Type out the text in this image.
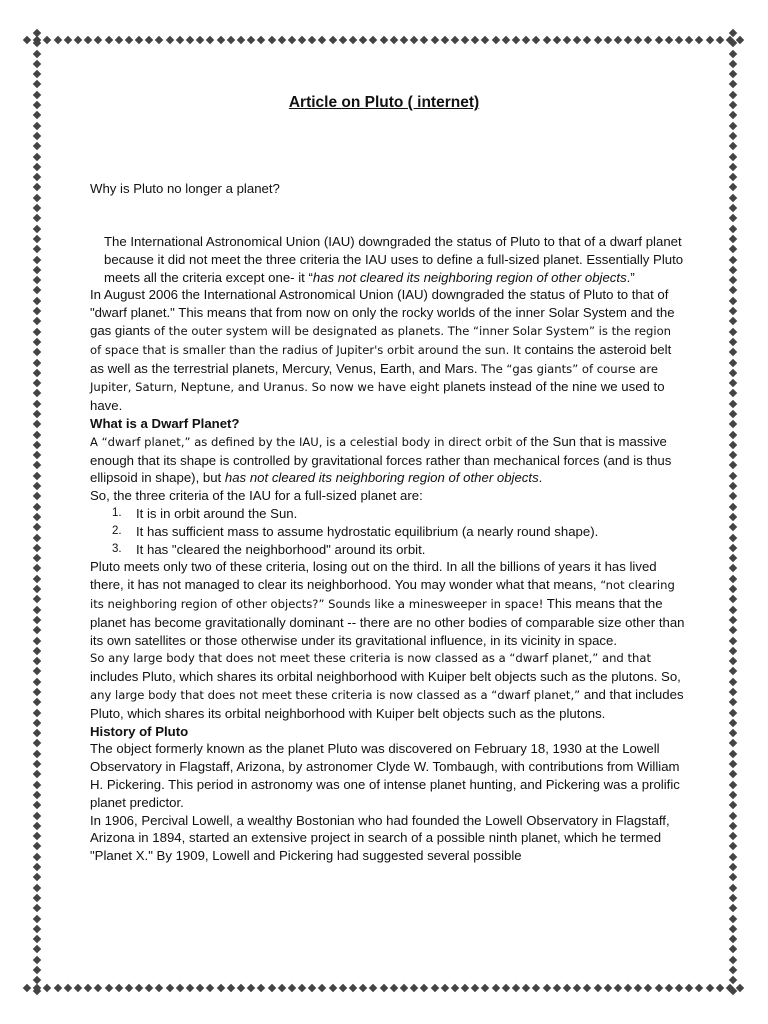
Article on Pluto ( internet)
Why is Pluto no longer a planet?

The International Astronomical Union (IAU) downgraded the status of Pluto to that of a dwarf planet because it did not meet the three criteria the IAU uses to define a full-sized planet. Essentially Pluto meets all the criteria except one- it “has not cleared its neighboring region of other objects.”

In August 2006 the International Astronomical Union (IAU) downgraded the status of Pluto to that of "dwarf planet." This means that from now on only the rocky worlds of the inner Solar System and the gas giants of the outer system will be designated as planets. The “inner Solar System” is the region of space that is smaller than the radius of Jupiter's orbit around the sun. It contains the asteroid belt as well as the terrestrial planets, Mercury, Venus, Earth, and Mars. The “gas giants” of course are Jupiter, Saturn, Neptune, and Uranus. So now we have eight planets instead of the nine we used to have.

What is a Dwarf Planet?

A “dwarf planet,” as defined by the IAU, is a celestial body in direct orbit of the Sun that is massive enough that its shape is controlled by gravitational forces rather than mechanical forces (and is thus ellipsoid in shape), but has not cleared its neighboring region of other objects.

So, the three criteria of the IAU for a full-sized planet are:

1. It is in orbit around the Sun.
2. It has sufficient mass to assume hydrostatic equilibrium (a nearly round shape).
3. It has "cleared the neighborhood" around its orbit.

Pluto meets only two of these criteria, losing out on the third. In all the billions of years it has lived there, it has not managed to clear its neighborhood. You may wonder what that means, “not clearing its neighboring region of other objects?” Sounds like a minesweeper in space! This means that the planet has become gravitationally dominant -- there are no other bodies of comparable size other than its own satellites or those otherwise under its gravitational influence, in its vicinity in space.

So any large body that does not meet these criteria is now classed as a “dwarf planet,” and that includes Pluto, which shares its orbital neighborhood with Kuiper belt objects such as the plutons. So, any large body that does not meet these criteria is now classed as a “dwarf planet,” and that includes Pluto, which shares its orbital neighborhood with Kuiper belt objects such as the plutons.

History of Pluto

The object formerly known as the planet Pluto was discovered on February 18, 1930 at the Lowell Observatory in Flagstaff, Arizona, by astronomer Clyde W. Tombaugh, with contributions from William H. Pickering. This period in astronomy was one of intense planet hunting, and Pickering was a prolific planet predictor.

In 1906, Percival Lowell, a wealthy Bostonian who had founded the Lowell Observatory in Flagstaff, Arizona in 1894, started an extensive project in search of a possible ninth planet, which he termed "Planet X." By 1909, Lowell and Pickering had suggested several possible
